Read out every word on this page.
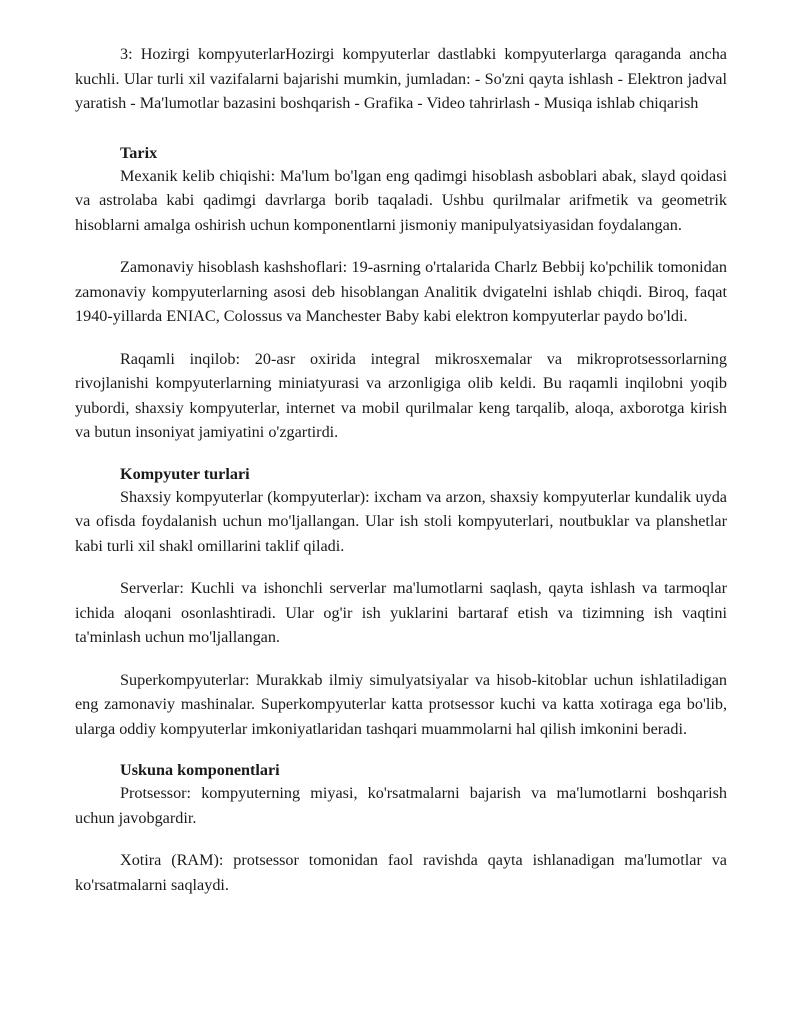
3: Hozirgi kompyuterlarHozirgi kompyuterlar dastlabki kompyuterlarga qaraganda ancha kuchli. Ular turli xil vazifalarni bajarishi mumkin, jumladan: - So'zni qayta ishlash - Elektron jadval yaratish - Ma'lumotlar bazasini boshqarish - Grafika - Video tahrirlash - Musiqa ishlab chiqarish

Tarix

Mexanik kelib chiqishi: Ma'lum bo'lgan eng qadimgi hisoblash asboblari abak, slayd qoidasi va astrolaba kabi qadimgi davrlarga borib taqaladi. Ushbu qurilmalar arifmetik va geometrik hisoblarni amalga oshirish uchun komponentlarni jismoniy manipulyatsiyasidan foydalangan.

Zamonaviy hisoblash kashshoflari: 19-asrning o'rtalarida Charlz Bebbij ko'pchilik tomonidan zamonaviy kompyuterlarning asosi deb hisoblangan Analitik dvigatelni ishlab chiqdi. Biroq, faqat 1940-yillarda ENIAC, Colossus va Manchester Baby kabi elektron kompyuterlar paydo bo'ldi.

Raqamli inqilob: 20-asr oxirida integral mikrosxemalar va mikroprotsessorlarning rivojlanishi kompyuterlarning miniatyurasi va arzonligiga olib keldi. Bu raqamli inqilobni yoqib yubordi, shaxsiy kompyuterlar, internet va mobil qurilmalar keng tarqalib, aloqa, axborotga kirish va butun insoniyat jamiyatini o'zgartirdi.

Kompyuter turlari

Shaxsiy kompyuterlar (kompyuterlar): ixcham va arzon, shaxsiy kompyuterlar kundalik uyda va ofisda foydalanish uchun mo'ljallangan. Ular ish stoli kompyuterlari, noutbuklar va planshetlar kabi turli xil shakl omillarini taklif qiladi.

Serverlar: Kuchli va ishonchli serverlar ma'lumotlarni saqlash, qayta ishlash va tarmoqlar ichida aloqani osonlashtiradi. Ular og'ir ish yuklarini bartaraf etish va tizimning ish vaqtini ta'minlash uchun mo'ljallangan.

Superkompyuterlar: Murakkab ilmiy simulyatsiyalar va hisob-kitoblar uchun ishlatiladigan eng zamonaviy mashinalar. Superkompyuterlar katta protsessor kuchi va katta xotiraga ega bo'lib, ularga oddiy kompyuterlar imkoniyatlaridan tashqari muammolarni hal qilish imkonini beradi.

Uskuna komponentlari

Protsessor: kompyuterning miyasi, ko'rsatmalarni bajarish va ma'lumotlarni boshqarish uchun javobgardir.

Xotira (RAM): protsessor tomonidan faol ravishda qayta ishlanadigan ma'lumotlar va ko'rsatmalarni saqlaydi.
